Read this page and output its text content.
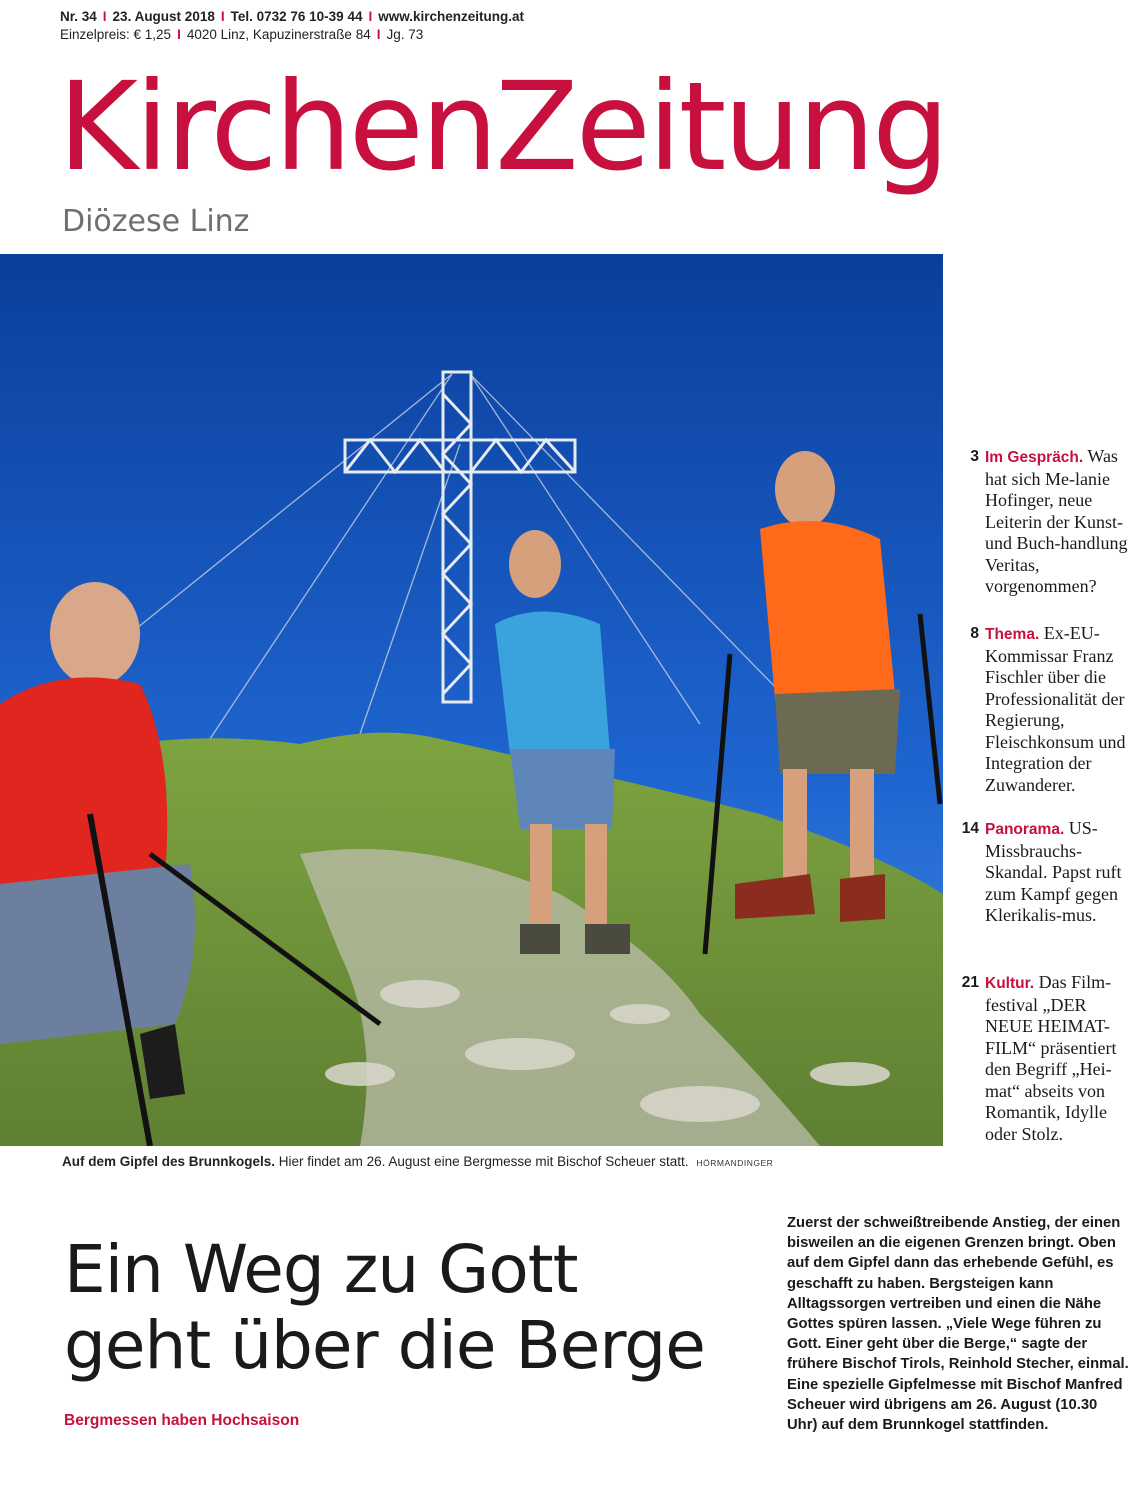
Nr. 34 I 23. August 2018 I Tel. 0732 76 10-39 44 I www.kirchenzeitung.at
Einzelpreis: € 1,25 I 4020 Linz, Kapuzinerstraße 84 I Jg. 73
KirchenZeitung
Diözese Linz
Auf dem Gipfel des Brunnkogels. Hier findet am 26. August eine Bergmesse mit Bischof Scheuer statt. HÖRMANDINGER
3 Im Gespräch. Was hat sich Me-lanie Hofinger, neue Leiterin der Kunst- und Buch-handlung Veritas, vorgenommen?
8 Thema. Ex-EU-Kommissar Franz Fischler über die Professionalität der Regierung, Fleischkonsum und Integration der Zuwanderer.
14 Panorama. US-Missbrauchs-Skandal. Papst ruft zum Kampf gegen Klerikalis-mus.
21 Kultur. Das Film-festival „DER NEUE HEIMAT-FILM“ präsentiert den Begriff „Hei-mat“ abseits von Romantik, Idylle oder Stolz.
Ein Weg zu Gott
geht über die Berge
Bergmessen haben Hochsaison

Zuerst der schweißtreibende Anstieg, der einen bisweilen an die eigenen Grenzen bringt. Oben auf dem Gipfel dann das erhebende Gefühl, es geschafft zu haben. Bergsteigen kann Alltagssorgen vertreiben und einen die Nähe Gottes spüren lassen. „Viele Wege führen zu Gott. Einer geht über die Berge,“ sagte der frühere Bischof Tirols, Reinhold Stecher, einmal. Eine spezielle Gipfelmesse mit Bischof Manfred Scheuer wird übrigens am 26. August (10.30 Uhr) auf dem Brunnkogel stattfinden.
